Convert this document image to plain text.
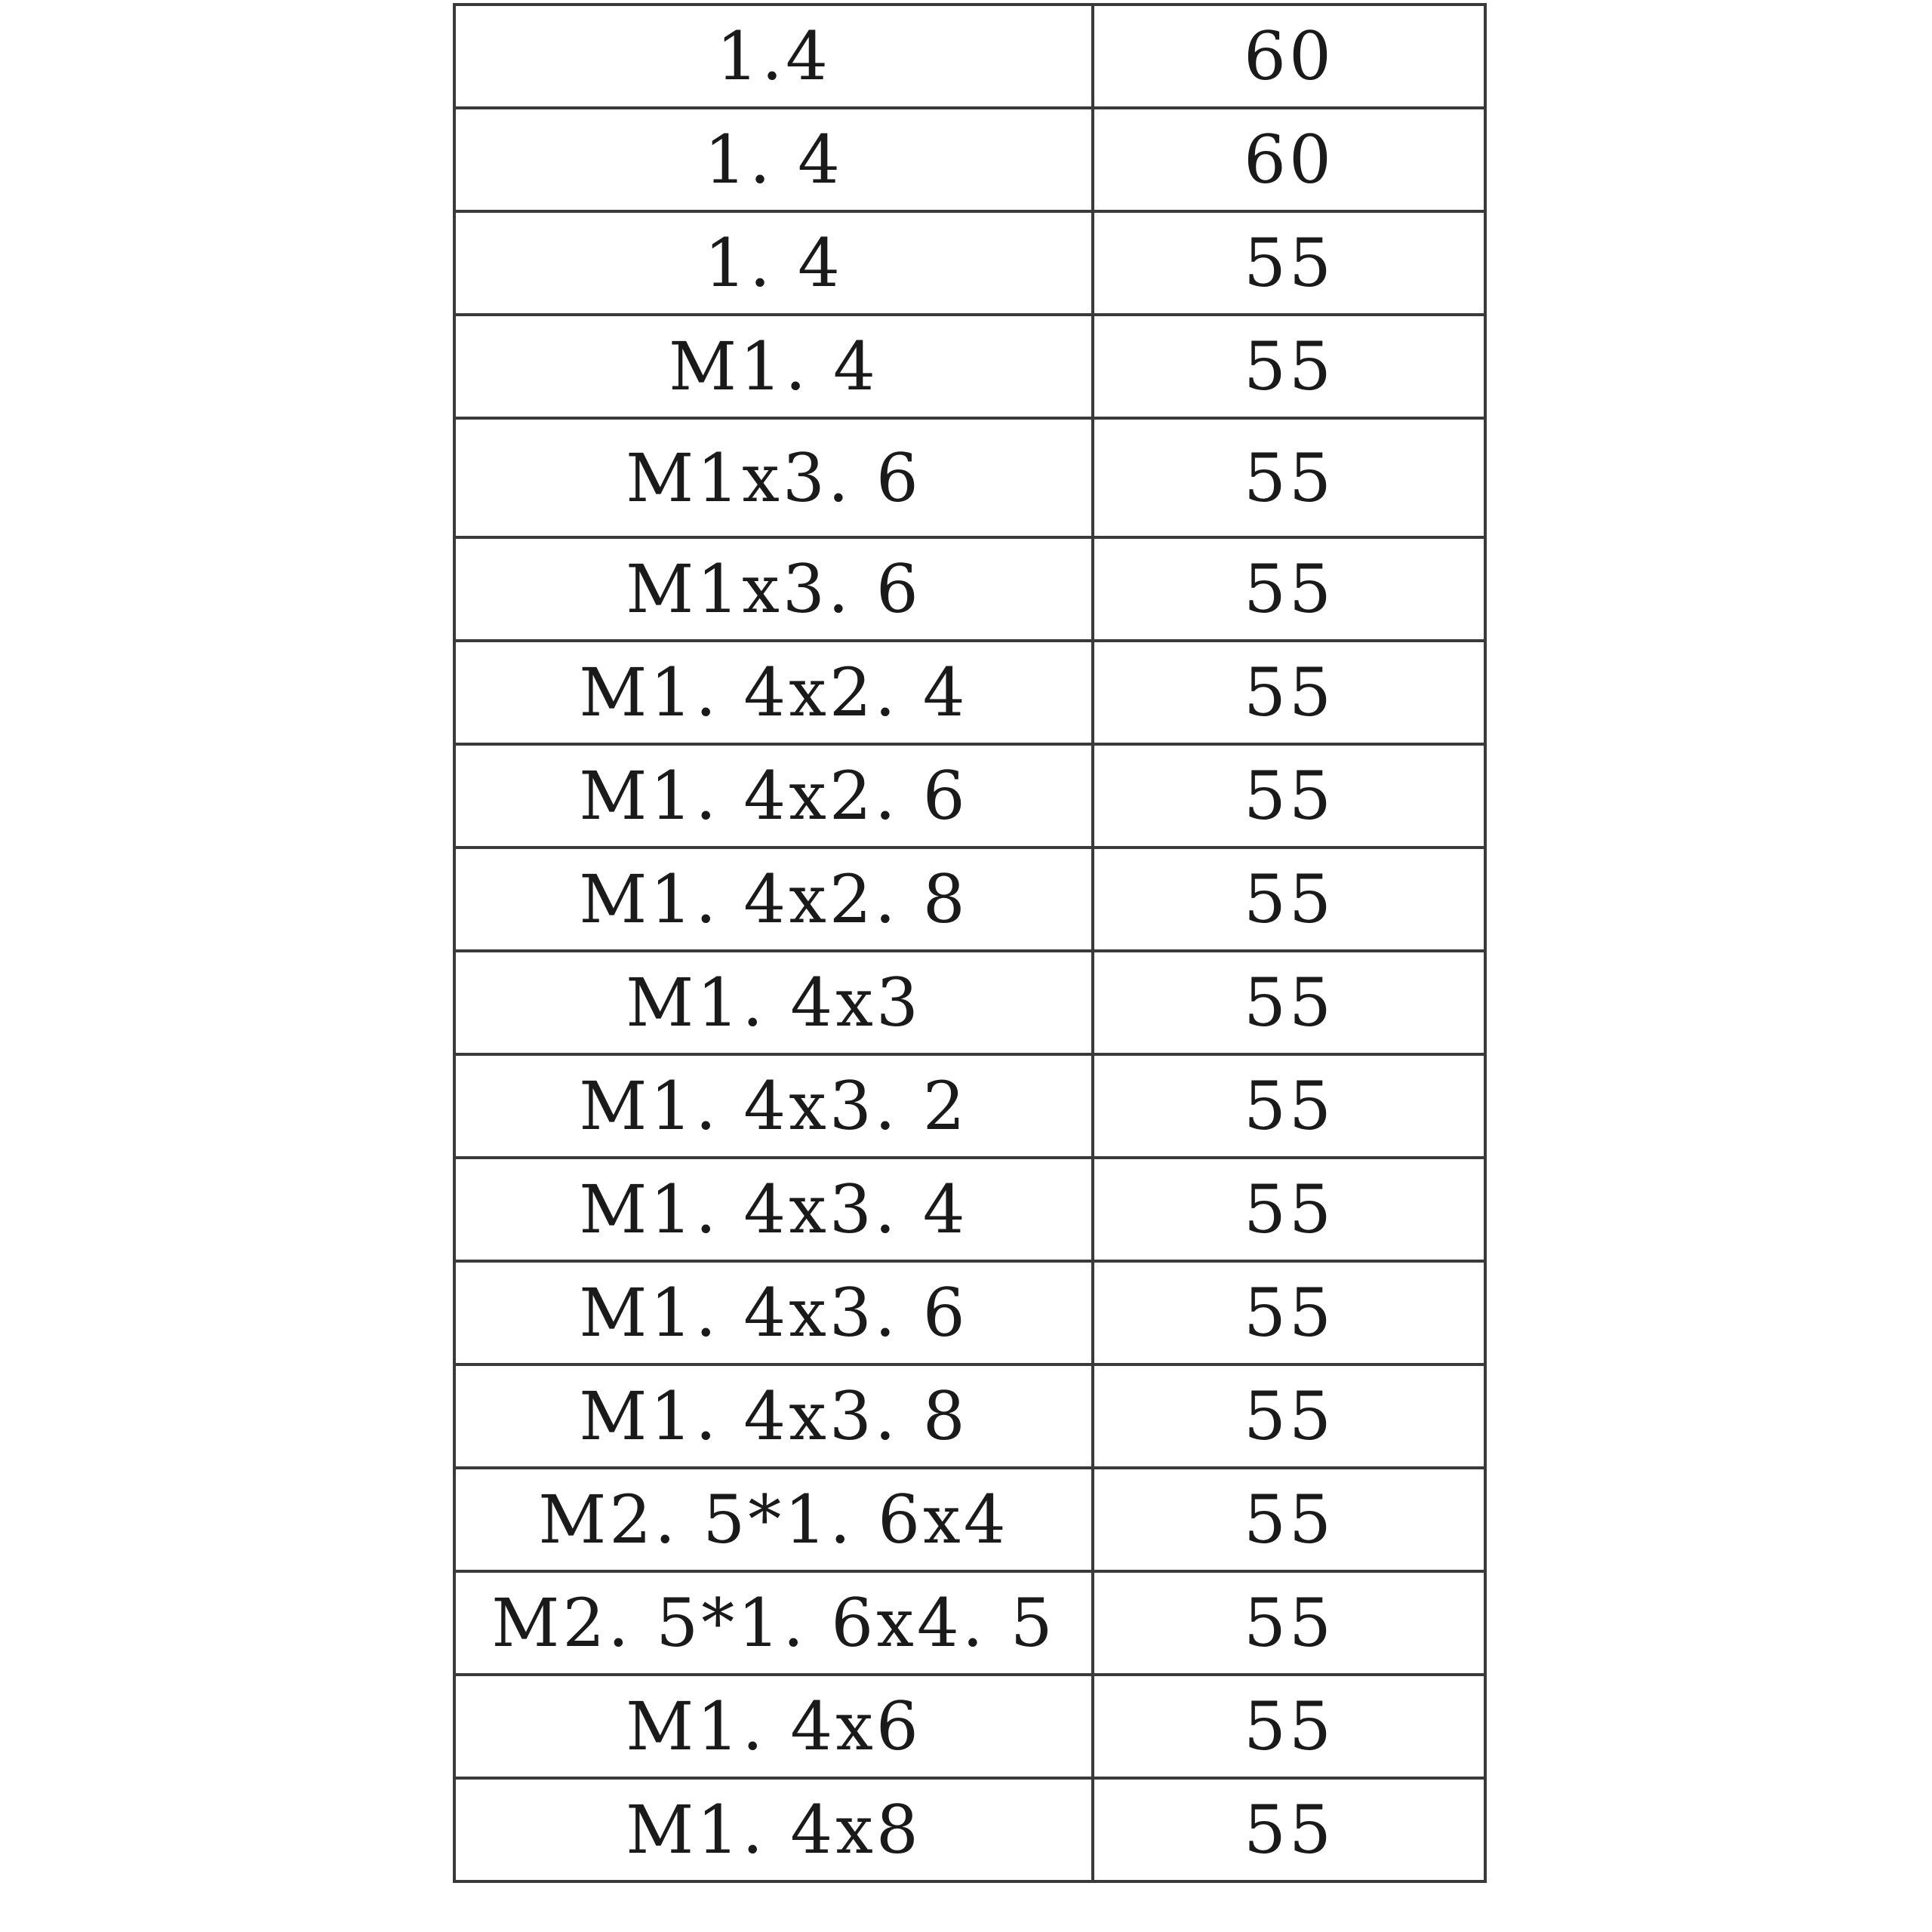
1.4	60
1. 4	60
1. 4	55
M1. 4	55
M1x3. 6	55
M1x3. 6	55
M1. 4x2. 4	55
M1. 4x2. 6	55
M1. 4x2. 8	55
M1. 4x3	55
M1. 4x3. 2	55
M1. 4x3. 4	55
M1. 4x3. 6	55
M1. 4x3. 8	55
M2. 5*1. 6x4	55
M2. 5*1. 6x4. 5	55
M1. 4x6	55
M1. 4x8	55
